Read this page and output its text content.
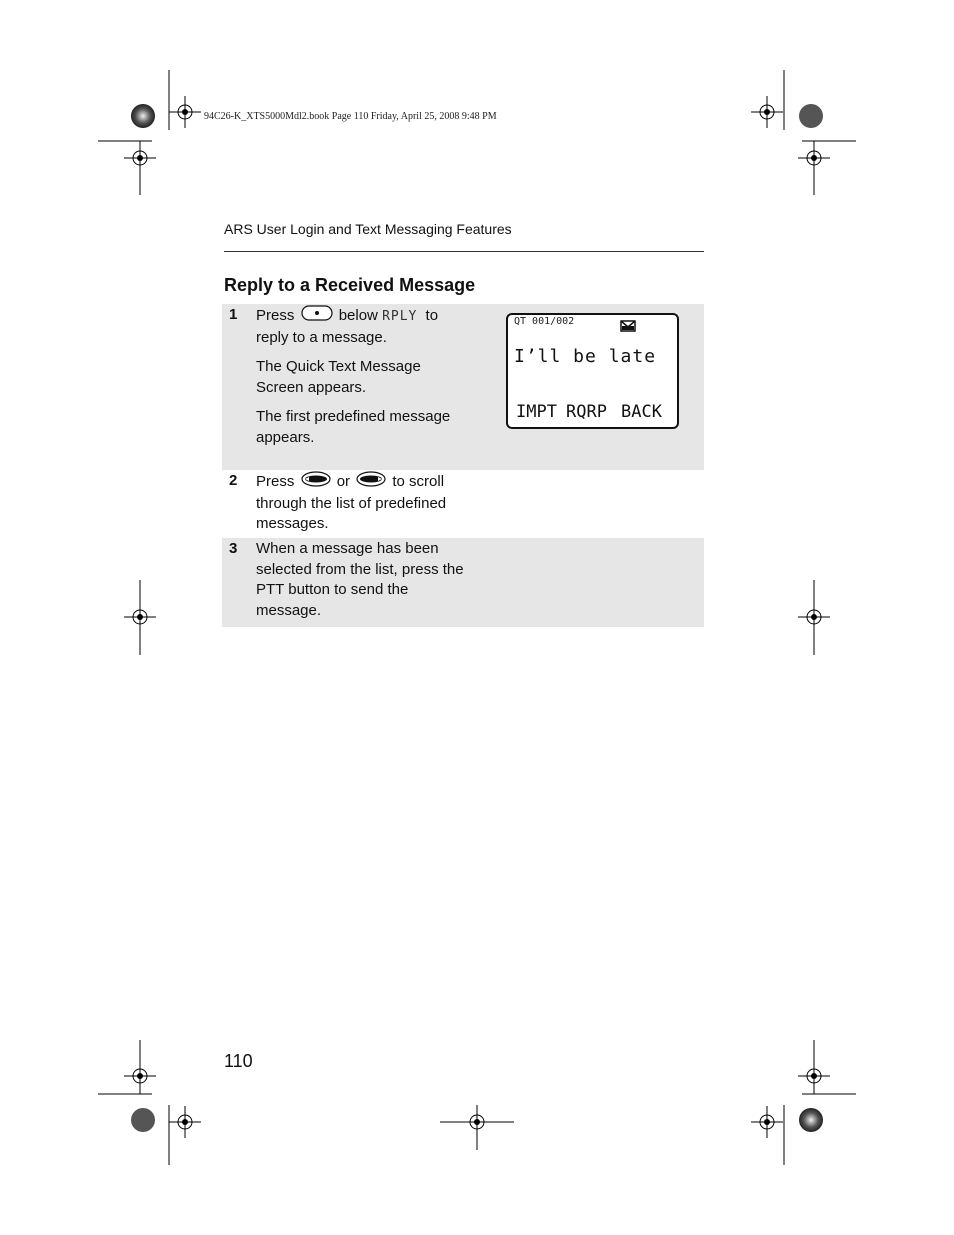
94C26-K_XTS5000Mdl2.book Page 110 Friday, April 25, 2008 9:48 PM
ARS User Login and Text Messaging Features
Reply to a Received Message
1 Press	below RPLY to
reply to a message.

The Quick Text Message Screen appears.

The first predefined message appears.

QT 001/002
I’ll be late
IMPT RQRP BACK
2 Press	or	to scroll through the list of predefined messages.
3 When a message has been selected from the list, press the PTT button to send the message.
110
